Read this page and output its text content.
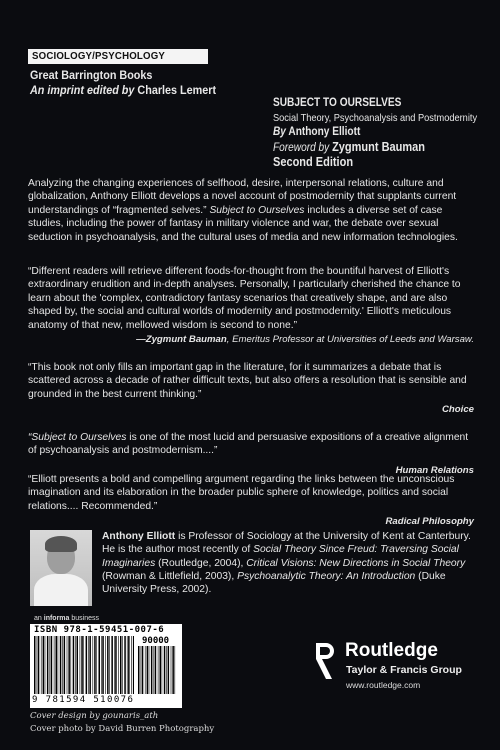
SOCIOLOGY/PSYCHOLOGY
Great Barrington Books
An imprint edited by Charles Lemert
SUBJECT TO OURSELVES
Social Theory, Psychoanalysis and Postmodernity
By Anthony Elliott
Foreword by Zygmunt Bauman
Second Edition

Analyzing the changing experiences of selfhood, desire, interpersonal relations, culture and globalization, Anthony Elliott develops a novel account of postmodernity that supplants current understandings of “fragmented selves.” Subject to Ourselves includes a diverse set of case studies, including the power of fantasy in military violence and war, the debate over sexual seduction in psychoanalysis, and the cultural uses of media and new information technologies.

“Different readers will retrieve different foods-for-thought from the bountiful harvest of Elliott's extraordinary erudition and in-depth analyses. Personally, I particularly cherished the chance to learn about the 'complex, contradictory fantasy scenarios that creatively shape, and are also shaped by, the social and cultural worlds of modernity and postmodernity.' Elliott's meticulous anatomy of that new, mellowed wisdom is second to none.”

—Zygmunt Bauman, Emeritus Professor at Universities of Leeds and Warsaw.

“This book not only fills an important gap in the literature, for it summarizes a debate that is scattered across a decade of rather difficult texts, but also offers a resolution that is sensible and grounded in the best current thinking.”

Choice

“Subject to Ourselves is one of the most lucid and persuasive expositions of a creative alignment of psychoanalysis and postmodernism....”

Human Relations

“Elliott presents a bold and compelling argument regarding the links between the unconscious imagination and its elaboration in the broader public sphere of knowledge, politics and social relations.... Recommended.”

Radical Philosophy
Anthony Elliott is Professor of Sociology at the University of Kent at Canterbury. He is the author most recently of Social Theory Since Freud: Traversing Social Imaginaries (Routledge, 2004), Critical Visions: New Directions in Social Theory (Rowman & Littlefield, 2003), Psychoanalytic Theory: An Introduction (Duke University Press, 2002).
an informa business
ISBN 978-1-59451-007-6
90000
9 781594 510076
Cover design by gounaris_ath
Cover photo by David Burren Photography
Routledge
Taylor & Francis Group
www.routledge.com
